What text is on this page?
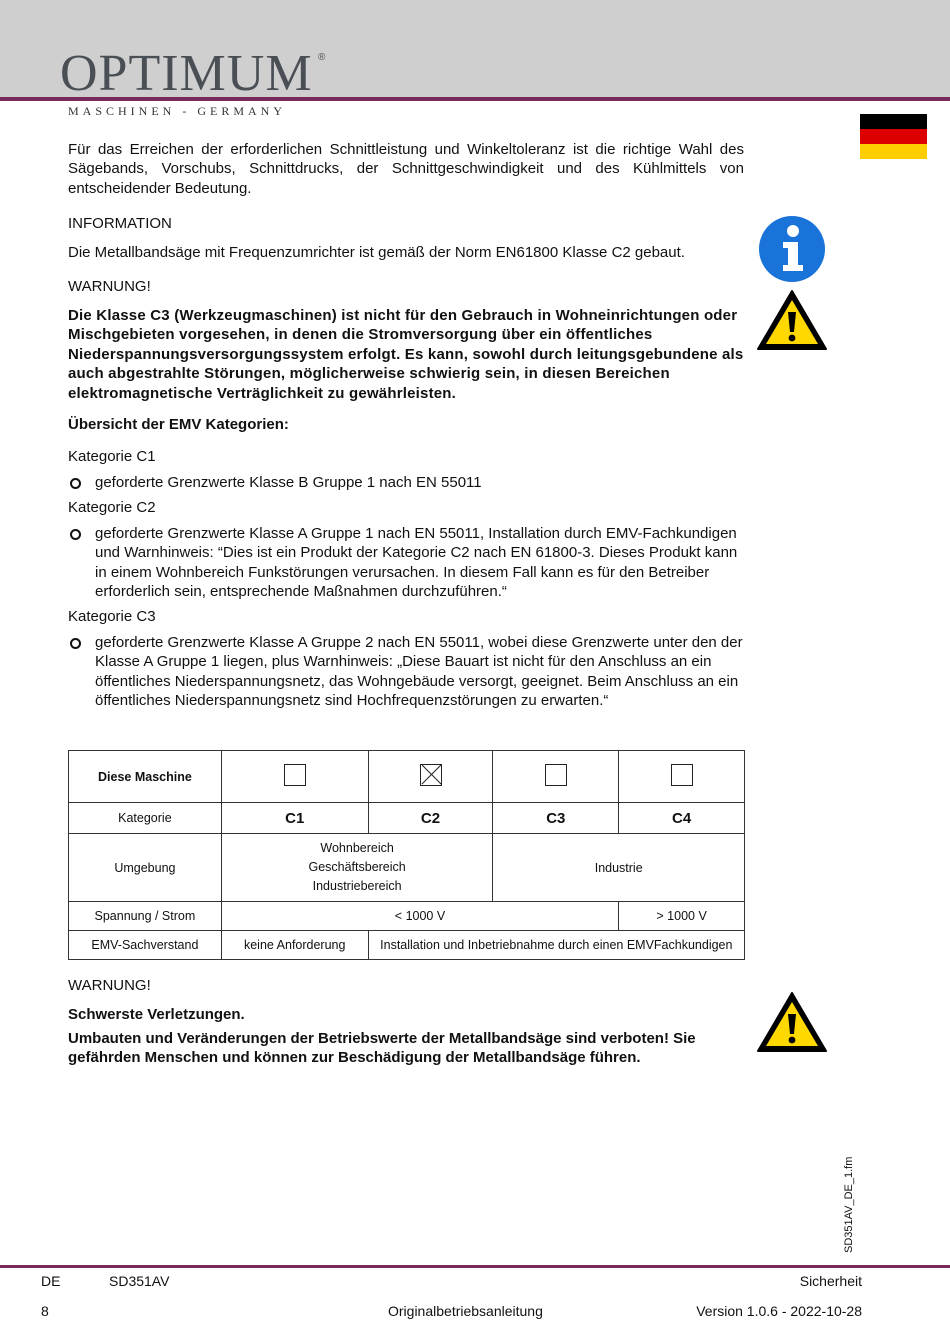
OPTIMUM ®
MASCHINEN - GERMANY
Für das Erreichen der erforderlichen Schnittleistung und Winkeltoleranz ist die richtige Wahl des Sägebands, Vorschubs, Schnittdrucks, der Schnittgeschwindigkeit und des Kühlmittels von entscheidender Bedeutung.
INFORMATION
Die Metallbandsäge mit Frequenzumrichter ist gemäß der Norm EN61800 Klasse C2 gebaut.
WARNUNG!
Die Klasse C3 (Werkzeugmaschinen) ist nicht für den Gebrauch in Wohneinrichtungen oder Mischgebieten vorgesehen, in denen die Stromversorgung über ein öffentliches Niederspannungsversorgungssystem erfolgt. Es kann, sowohl durch leitungsgebundene als auch abgestrahlte Störungen, möglicherweise schwierig sein, in diesen Bereichen elektromagnetische Verträglichkeit zu gewährleisten.
Übersicht der EMV Kategorien:
Kategorie C1
geforderte Grenzwerte Klasse B Gruppe 1 nach EN 55011
Kategorie C2
geforderte Grenzwerte Klasse A Gruppe 1 nach EN 55011, Installation durch EMV-Fachkundigen und Warnhinweis: “Dies ist ein Produkt der Kategorie C2 nach EN 61800-3. Dieses Produkt kann in einem Wohnbereich Funkstörungen verursachen. In diesem Fall kann es für den Betreiber erforderlich sein, entsprechende Maßnahmen durchzuführen.“
Kategorie C3
geforderte Grenzwerte Klasse A Gruppe 2 nach EN 55011, wobei diese Grenzwerte unter den der Klasse A Gruppe 1 liegen, plus Warnhinweis: „Diese Bauart ist nicht für den Anschluss an ein öffentliches Niederspannungsnetz, das Wohngebäude versorgt, geeignet. Beim Anschluss an ein öffentliches Niederspannungsnetz sind Hochfrequenzstörungen zu erwarten.“
Diese Maschine				
Kategorie	C1	C2	C3	C4
Umgebung	Wohnbereich
Geschäftsbereich
Industriebereich		Industrie	
Spannung / Strom	< 1000 V			> 1000 V
EMV-Sachverstand	keine Anforderung	Installation und Inbetriebnahme durch einen EMVFachkundigen		
WARNUNG!
Schwerste Verletzungen.
Umbauten und Veränderungen der Betriebswerte der Metallbandsäge sind verboten! Sie gefährden Menschen und können zur Beschädigung der Metallbandsäge führen.
SD351AV_DE_1.fm
DE	SD351AV	Sicherheit
8	Originalbetriebsanleitung	Version 1.0.6 - 2022-10-28
